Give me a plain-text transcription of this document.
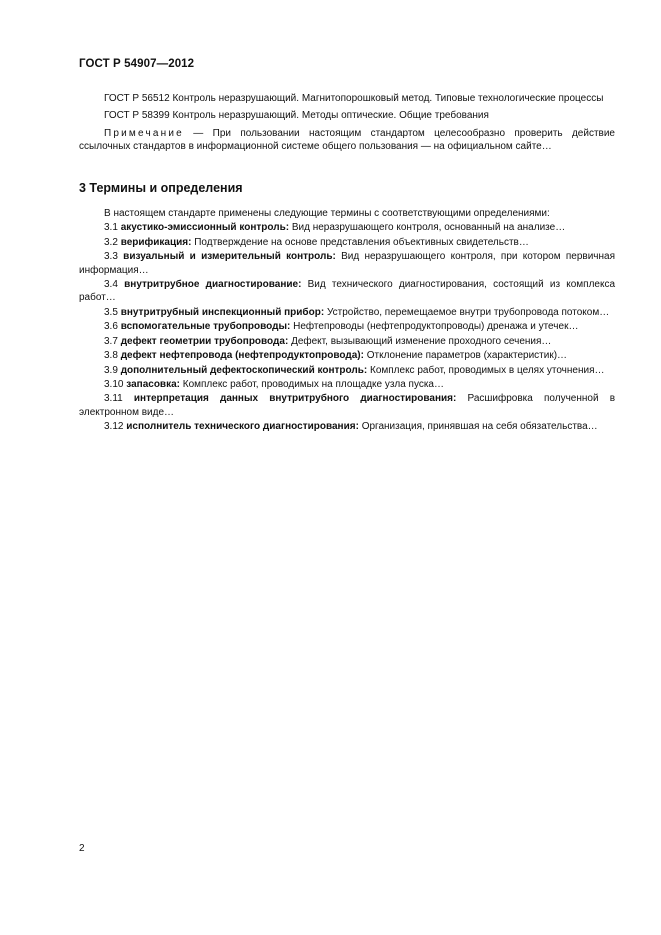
ГОСТ Р 54907—2012

ГОСТ Р 56512 Контроль неразрушающий. Магнитопорошковый метод. Типовые технологические процессы

ГОСТ Р 58399 Контроль неразрушающий. Методы оптические. Общие требования

Примечание — При пользовании настоящим стандартом целесообразно проверить действие ссылочных стандартов в информационной системе общего пользования — на официальном сайте…

3 Термины и определения

В настоящем стандарте применены следующие термины с соответствующими определениями:

3.1 акустико-эмиссионный контроль: Вид неразрушающего контроля, основанный на анализе…

3.2 верификация: Подтверждение на основе представления объективных свидетельств…

3.3 визуальный и измерительный контроль: Вид неразрушающего контроля, при котором первичная информация…

3.4 внутритрубное диагностирование: Вид технического диагностирования, состоящий из комплекса работ…

3.5 внутритрубный инспекционный прибор: Устройство, перемещаемое внутри трубопровода потоком…

3.6 вспомогательные трубопроводы: Нефтепроводы (нефтепродуктопроводы) дренажа и утечек…

3.7 дефект геометрии трубопровода: Дефект, вызывающий изменение проходного сечения…

3.8 дефект нефтепровода (нефтепродуктопровода): Отклонение параметров (характеристик)…

3.9 дополнительный дефектоскопический контроль: Комплекс работ, проводимых в целях уточнения…

3.10 запасовка: Комплекс работ, проводимых на площадке узла пуска…

3.11 интерпретация данных внутритрубного диагностирования: Расшифровка полученной в электронном виде…

3.12 исполнитель технического диагностирования: Организация, принявшая на себя обязательства…

2
